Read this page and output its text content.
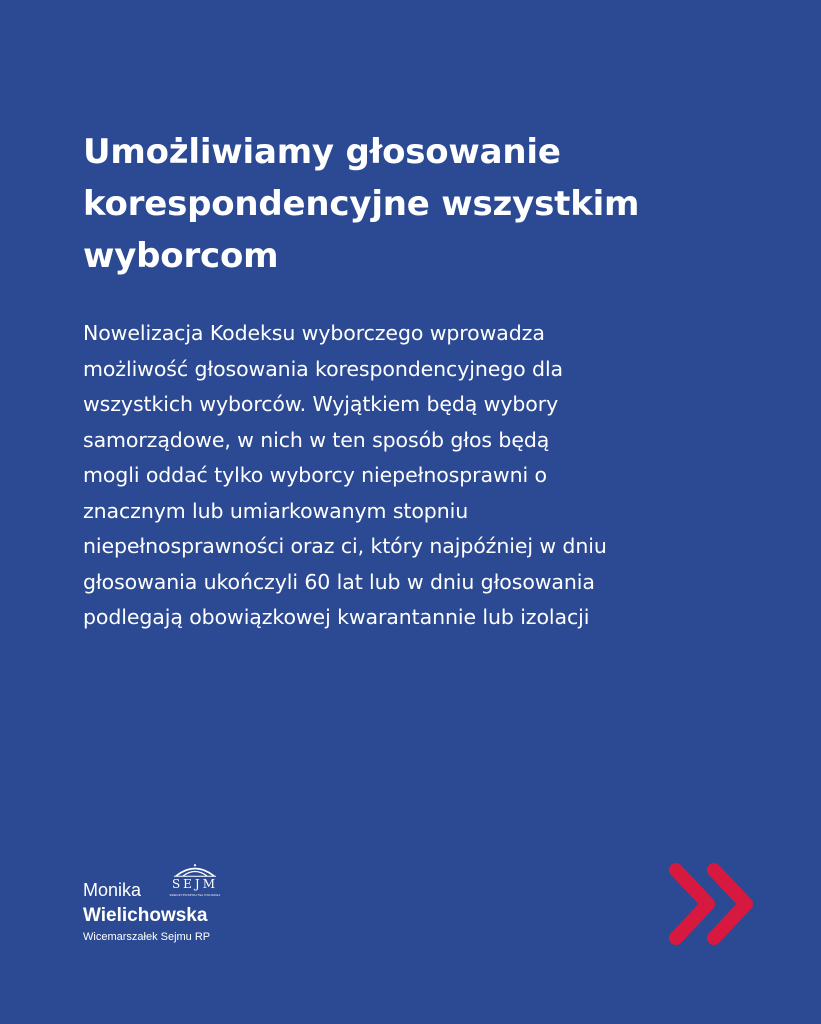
Umożliwiamy głosowanie
korespondencyjne wszystkim
wyborcom

Nowelizacja Kodeksu wyborczego wprowadza
możliwość głosowania korespondencyjnego dla
wszystkich wyborców. Wyjątkiem będą wybory
samorządowe, w nich w ten sposób głos będą
mogli oddać tylko wyborcy niepełnosprawni o
znacznym lub umiarkowanym stopniu
niepełnosprawności oraz ci, który najpóźniej w dniu
głosowania ukończyli 60 lat lub w dniu głosowania
podlegają obowiązkowej kwarantannie lub izolacji

Monika
Wielichowska
Wicemarszałek Sejmu RP
SEJM
RZECZYPOSPOLITEJ POLSKIEJ
